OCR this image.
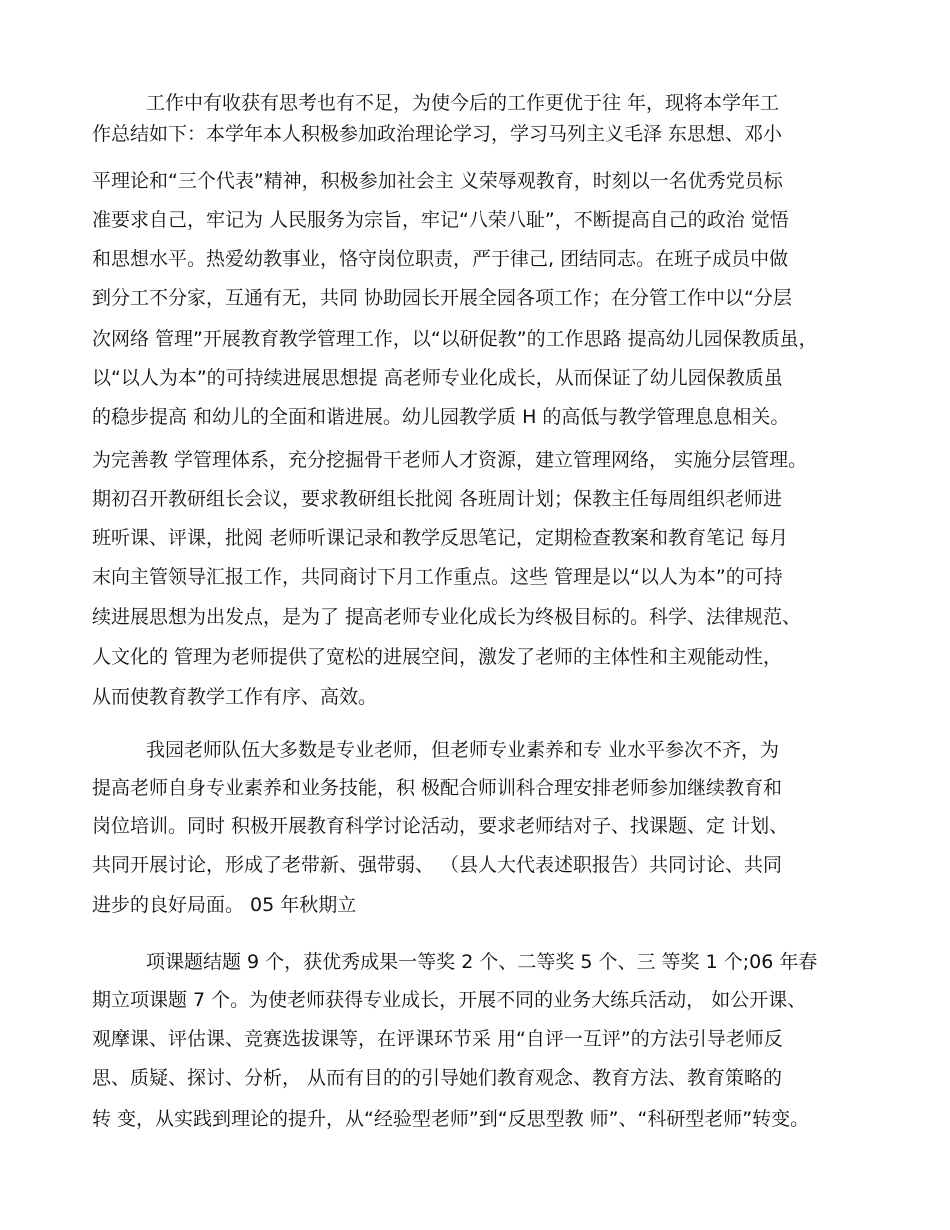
工作中有收获有思考也有不足，为使今后的工作更优于往 年，现将本学年工
作总结如下：本学年本人积极参加政治理论学习，学习马列主义毛泽 东思想、邓小
平理论和“三个代表”精神，积极参加社会主 义荣辱观教育，时刻以一名优秀党员标
准要求自己，牢记为 人民服务为宗旨，牢记“八荣八耻”，不断提高自己的政治 觉悟
和思想水平。热爱幼教事业，恪守岗位职责，严于律己, 团结同志。在班子成员中做
到分工不分家，互通有无，共同 协助园长开展全园各项工作；在分管工作中以“分层
次网络 管理”开展教育教学管理工作，以“以研促教”的工作思路 提高幼儿园保教质虽，
以“以人为本”的可持续进展思想提 高老师专业化成长，从而保证了幼儿园保教质虽
的稳步提高 和幼儿的全面和谐进展。幼儿园教学质 H 的高低与教学管理息息相关。
为完善教 学管理体系，充分挖掘骨干老师人才资源，建立管理网络， 实施分层管理。
期初召开教研组长会议，要求教研组长批阅 各班周计划；保教主任每周组织老师进
班听课、评课，批阅 老师听课记录和教学反思笔记，定期检查教案和教育笔记 每月
末向主管领导汇报工作，共同商讨下月工作重点。这些 管理是以“以人为本”的可持
续进展思想为出发点，是为了 提高老师专业化成长为终极目标的。科学、法律规范、
人文化的 管理为老师提供了宽松的进展空间，激发了老师的主体性和主观能动性，
从而使教育教学工作有序、高效。
我园老师队伍大多数是专业老师，但老师专业素养和专 业水平参次不齐，为
提高老师自身专业素养和业务技能，积 极配合师训科合理安排老师参加继续教育和
岗位培训。同时 积极开展教育科学讨论活动，要求老师结对子、找课题、定 计划、
共同开展讨论，形成了老带新、强带弱、 （县人大代表述职报告）共同讨论、共同
进步的良好局面。 05 年秋期立
项课题结题 9 个，获优秀成果一等奖 2 个、二等奖 5 个、三 等奖 1 个;06 年春
期立项课题 7 个。为使老师获得专业成长，开展不同的业务大练兵活动， 如公开课、
观摩课、评估课、竞赛选拔课等，在评课环节采 用“自评一互评”的方法引导老师反
思、质疑、探讨、分析， 从而有目的的引导她们教育观念、教育方法、教育策略的
转 变，从实践到理论的提升，从“经验型老师”到“反思型教 师”、“科研型老师”转变。
